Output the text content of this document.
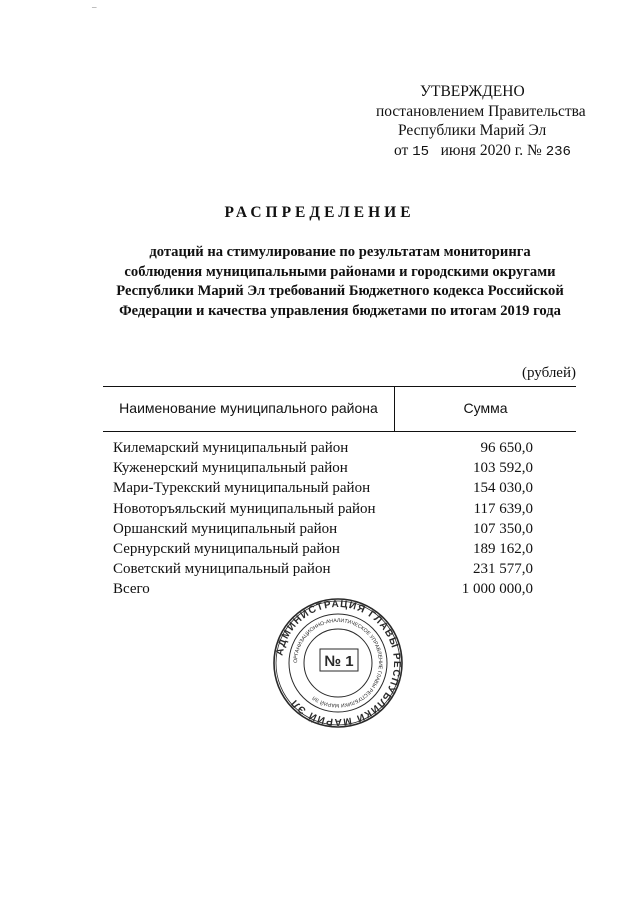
–
УТВЕРЖДЕНО
постановлением Правительства
Республики Марий Эл
от 15 июня 2020 г. № 236
РАСПРЕДЕЛЕНИЕ
дотаций на стимулирование по результатам мониторинга
соблюдения муниципальными районами и городскими округами
Республики Марий Эл требований Бюджетного кодекса Российской
Федерации и качества управления бюджетами по итогам 2019 года
(рублей)
Наименование муниципального района	Сумма
Килемарский муниципальный район	96 650,0
Куженерский муниципальный район	103 592,0
Мари-Турекский муниципальный район	154 030,0
Новоторъяльский муниципальный район	117 639,0
Оршанский муниципальный район	107 350,0
Сернурский муниципальный район	189 162,0
Советский муниципальный район	231 577,0
Всего	1 000 000,0
АДМИНИСТРАЦИЯ ГЛАВЫ РЕСПУБЛИКИ МАРИЙ ЭЛ
ОРГАНИЗАЦИОННО-АНАЛИТИЧЕСКОЕ УПРАВЛЕНИЕ ГЛАВЫ РЕСПУБЛИКИ МАРИЙ ЭЛ
№ 1
